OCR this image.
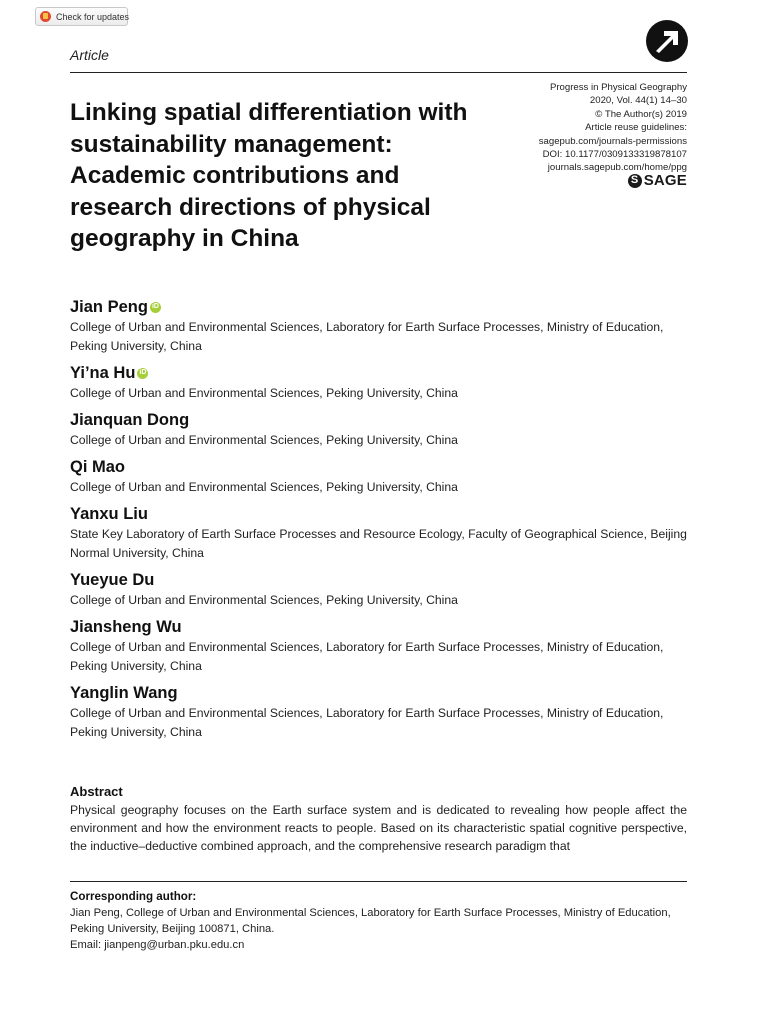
Check for updates
Article
Progress in Physical Geography
2020, Vol. 44(1) 14–30
© The Author(s) 2019
Article reuse guidelines:
sagepub.com/journals-permissions
DOI: 10.1177/0309133319878107
journals.sagepub.com/home/ppg
S SAGE
Linking spatial differentiation with sustainability management: Academic contributions and research directions of physical geography in China
Jian Peng iD
College of Urban and Environmental Sciences, Laboratory for Earth Surface Processes, Ministry of Education, Peking University, China
Yi’na Hu iD
College of Urban and Environmental Sciences, Peking University, China
Jianquan Dong
College of Urban and Environmental Sciences, Peking University, China
Qi Mao
College of Urban and Environmental Sciences, Peking University, China
Yanxu Liu
State Key Laboratory of Earth Surface Processes and Resource Ecology, Faculty of Geographical Science, Beijing Normal University, China
Yueyue Du
College of Urban and Environmental Sciences, Peking University, China
Jiansheng Wu
College of Urban and Environmental Sciences, Laboratory for Earth Surface Processes, Ministry of Education, Peking University, China
Yanglin Wang
College of Urban and Environmental Sciences, Laboratory for Earth Surface Processes, Ministry of Education, Peking University, China
Abstract

Physical geography focuses on the Earth surface system and is dedicated to revealing how people affect the environment and how the environment reacts to people. Based on its characteristic spatial cognitive perspective, the inductive–deductive combined approach, and the comprehensive research paradigm that

Corresponding author:
Jian Peng, College of Urban and Environmental Sciences, Laboratory for Earth Surface Processes, Ministry of Education, Peking University, Beijing 100871, China.
Email: jianpeng@urban.pku.edu.cn
